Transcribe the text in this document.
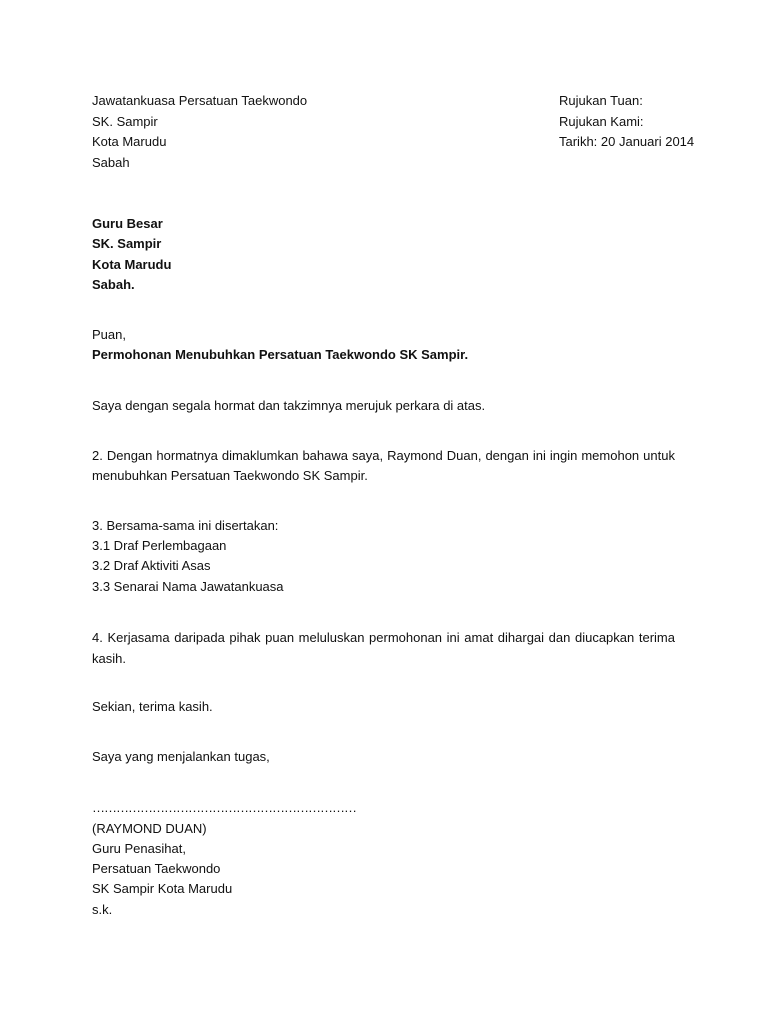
Jawatankuasa Persatuan Taekwondo
SK. Sampir
Kota Marudu
Sabah
Rujukan Tuan:
Rujukan Kami:
Tarikh: 20 Januari 2014
Guru Besar
SK. Sampir
Kota Marudu
Sabah.
Puan,
Permohonan Menubuhkan Persatuan Taekwondo SK Sampir.
Saya dengan segala hormat dan takzimnya merujuk perkara di atas.
2. Dengan hormatnya dimaklumkan bahawa saya, Raymond Duan, dengan ini ingin memohon untuk
menubuhkan Persatuan Taekwondo SK Sampir.
3. Bersama-sama ini disertakan:
3.1 Draf Perlembagaan
3.2 Draf Aktiviti Asas
3.3 Senarai Nama Jawatankuasa
4. Kerjasama daripada pihak puan meluluskan permohonan ini amat dihargai dan diucapkan terima
kasih.
Sekian, terima kasih.
Saya yang menjalankan tugas,
…………………………………………………………
(RAYMOND DUAN)
Guru Penasihat,
Persatuan Taekwondo
SK Sampir Kota Marudu
s.k.
